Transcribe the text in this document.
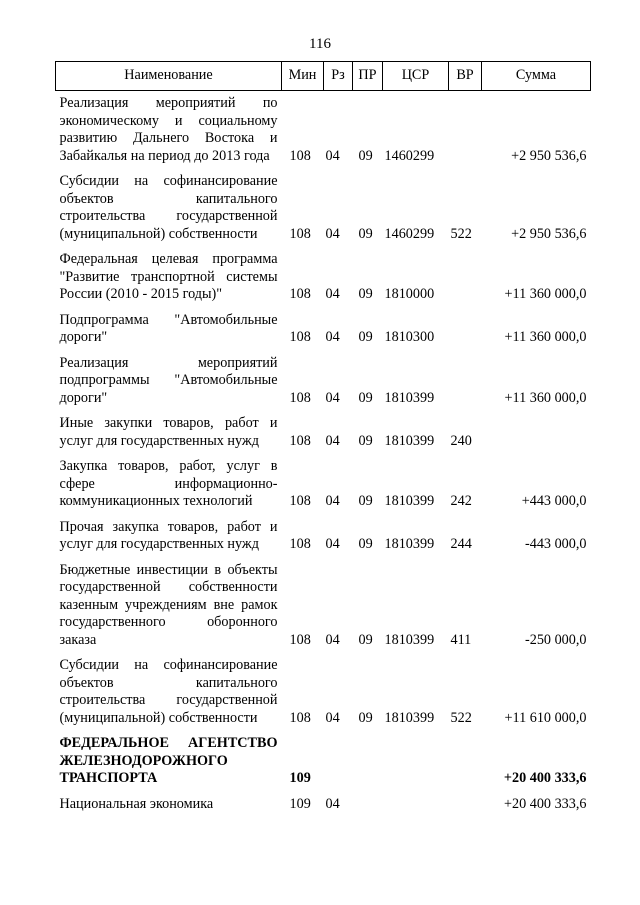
116
Наименование	Мин	Рз	ПР	ЦСР	ВР	Сумма
Реализация мероприятий по экономическому и социальному развитию Дальнего Востока и Забайкалья на период до 2013 года	108	04	09	1460299		+2 950 536,6
Субсидии на софинансирование объектов капитального строительства государственной (муниципальной) собственности	108	04	09	1460299	522	+2 950 536,6
Федеральная целевая программа "Развитие транспортной системы России (2010 - 2015 годы)"	108	04	09	1810000		+11 360 000,0
Подпрограмма "Автомобильные дороги"	108	04	09	1810300		+11 360 000,0
Реализация мероприятий подпрограммы "Автомобильные дороги"	108	04	09	1810399		+11 360 000,0
Иные закупки товаров, работ и услуг для государственных нужд	108	04	09	1810399	240	
Закупка товаров, работ, услуг в сфере информационно-коммуникационных технологий	108	04	09	1810399	242	+443 000,0
Прочая закупка товаров, работ и услуг для государственных нужд	108	04	09	1810399	244	-443 000,0
Бюджетные инвестиции в объекты государственной собственности казенным учреждениям вне рамок государственного оборонного заказа	108	04	09	1810399	411	-250 000,0
Субсидии на софинансирование объектов капитального строительства государственной (муниципальной) собственности	108	04	09	1810399	522	+11 610 000,0
ФЕДЕРАЛЬНОЕ АГЕНТСТВО ЖЕЛЕЗНОДОРОЖНОГО ТРАНСПОРТА	109					+20 400 333,6
Национальная экономика	109	04				+20 400 333,6
